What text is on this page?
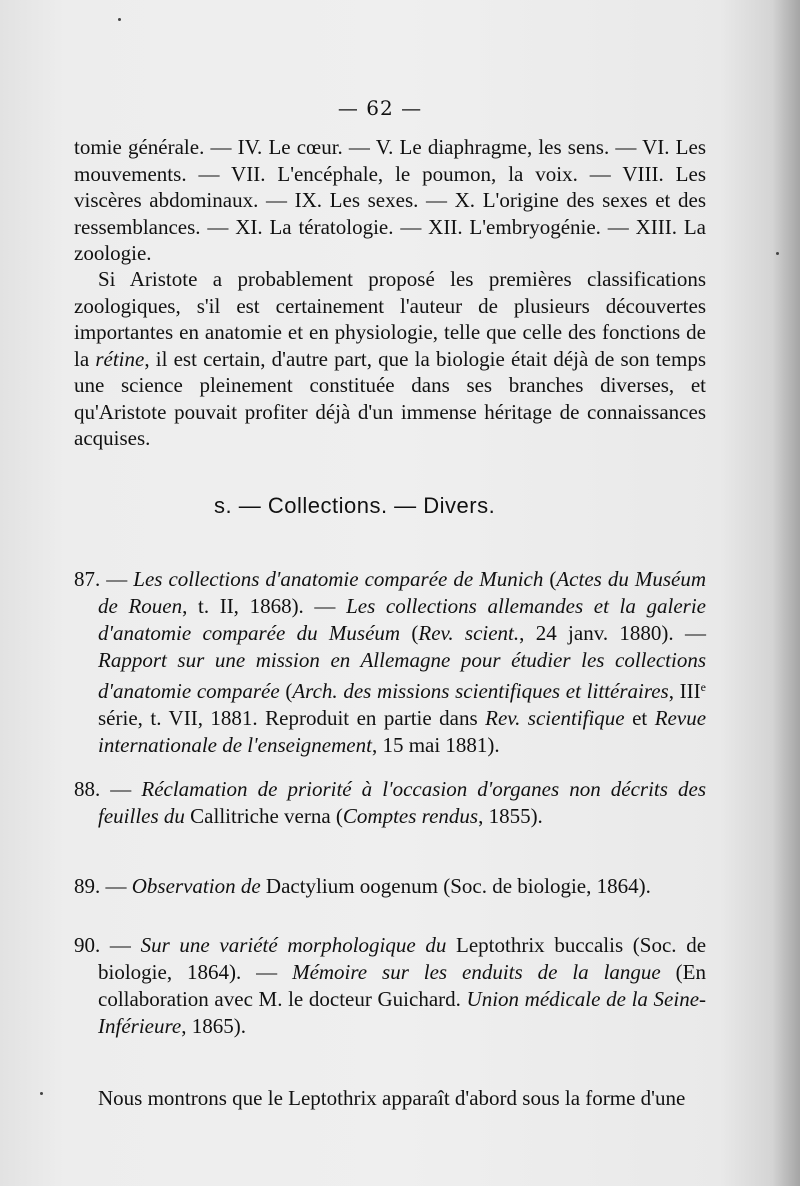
— 62 —

tomie générale. — IV. Le cœur. — V. Le diaphragme, les sens. — VI. Les mouvements. — VII. L'encéphale, le poumon, la voix. — VIII. Les viscères abdominaux. — IX. Les sexes. — X. L'origine des sexes et des ressemblances. — XI. La tératologie. — XII. L'embryogénie. — XIII. La zoologie.

Si Aristote a probablement proposé les premières classifications zoologiques, s'il est certainement l'auteur de plusieurs découvertes importantes en anatomie et en physiologie, telle que celle des fonctions de la rétine, il est certain, d'autre part, que la biologie était déjà de son temps une science pleinement constituée dans ses branches diverses, et qu'Aristote pouvait profiter déjà d'un immense héritage de connaissances acquises.

s. — Collections. — Divers.
87. — Les collections d'anatomie comparée de Munich (Actes du Muséum de Rouen, t. II, 1868). — Les collections allemandes et la galerie d'anatomie comparée du Muséum (Rev. scient., 24 janv. 1880). — Rapport sur une mission en Allemagne pour étudier les collections d'anatomie comparée (Arch. des missions scientifiques et littéraires, IIIe série, t. VII, 1881. Reproduit en partie dans Rev. scientifique et Revue internationale de l'enseignement, 15 mai 1881).
88. — Réclamation de priorité à l'occasion d'organes non décrits des feuilles du Callitriche verna (Comptes rendus, 1855).
89. — Observation de Dactylium oogenum (Soc. de biologie, 1864).
90. — Sur une variété morphologique du Leptothrix buccalis (Soc. de biologie, 1864). — Mémoire sur les enduits de la langue (En collaboration avec M. le docteur Guichard. Union médicale de la Seine-Inférieure, 1865).

Nous montrons que le Leptothrix apparaît d'abord sous la forme d'une
